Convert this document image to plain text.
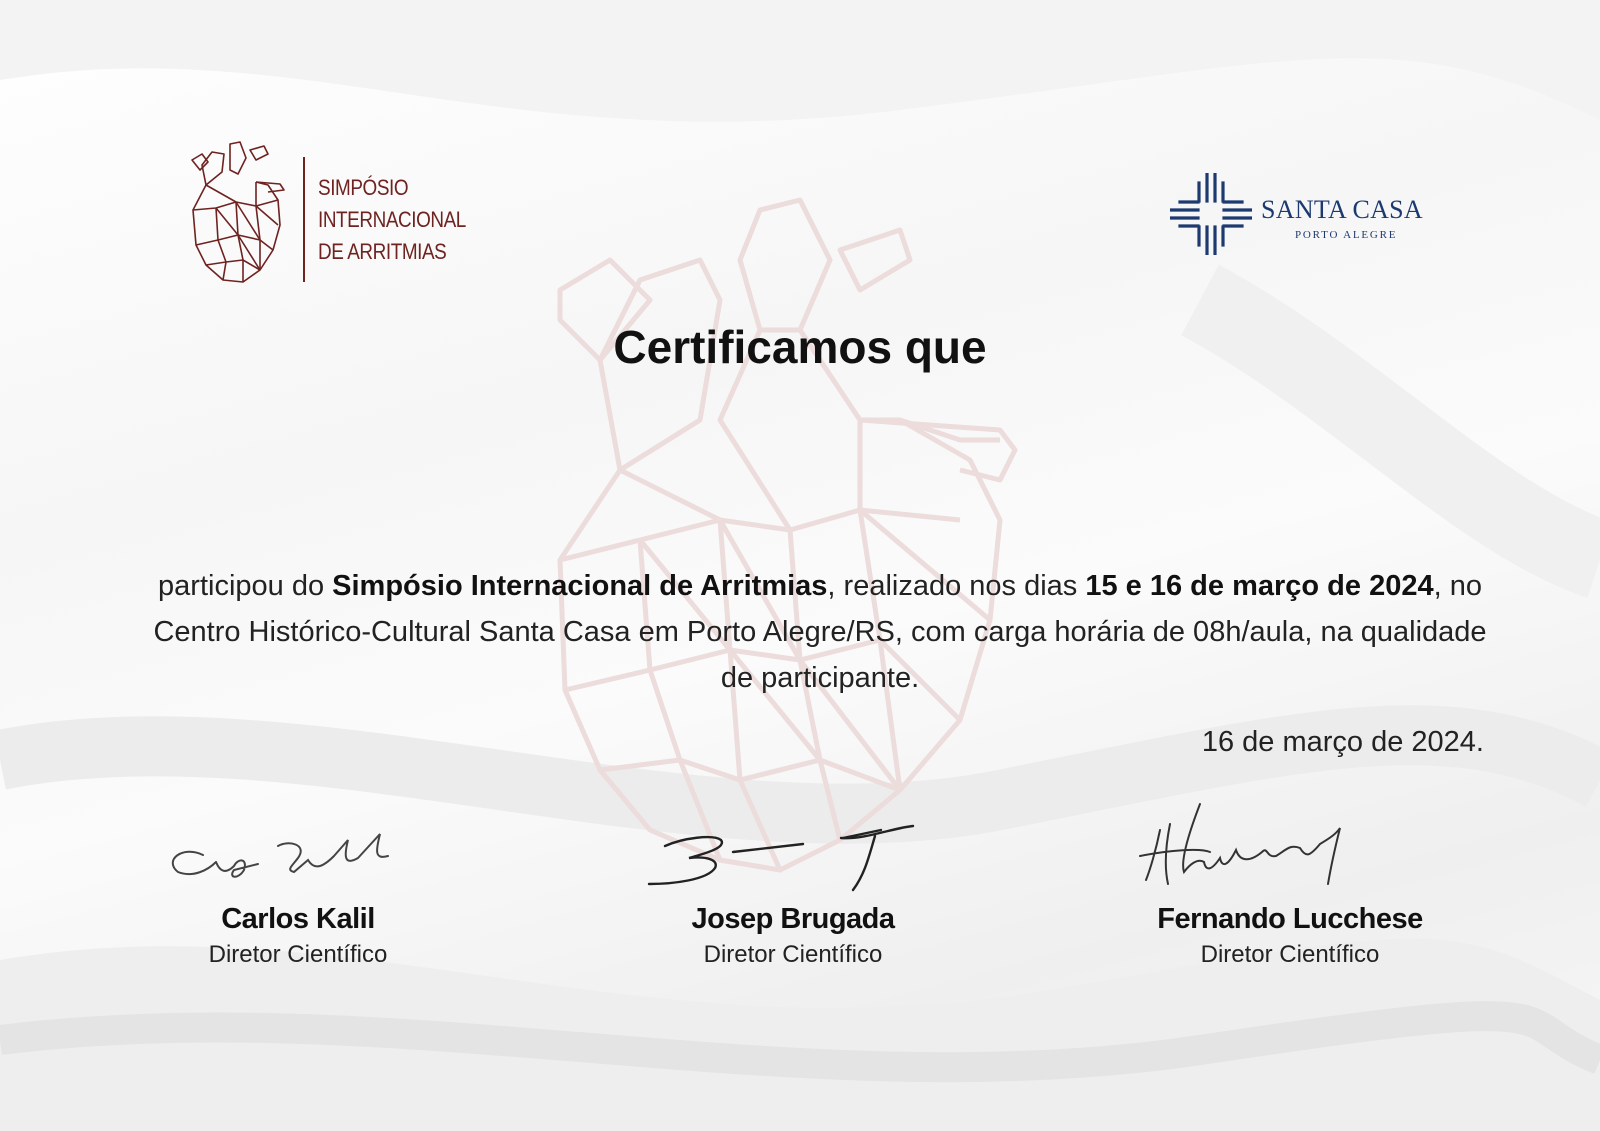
SIMPÓSIO
INTERNACIONAL
DE ARRITMIAS
SANTA CASA
PORTO ALEGRE
Certificamos que
participou do Simpósio Internacional de Arritmias, realizado nos dias 15 e 16 de março de 2024, no Centro Histórico-Cultural Santa Casa em Porto Alegre/RS, com carga horária de 08h/aula, na qualidade de participante.
16 de março de 2024.
Carlos Kalil
Diretor Científico
Josep Brugada
Diretor Científico
Fernando Lucchese
Diretor Científico
